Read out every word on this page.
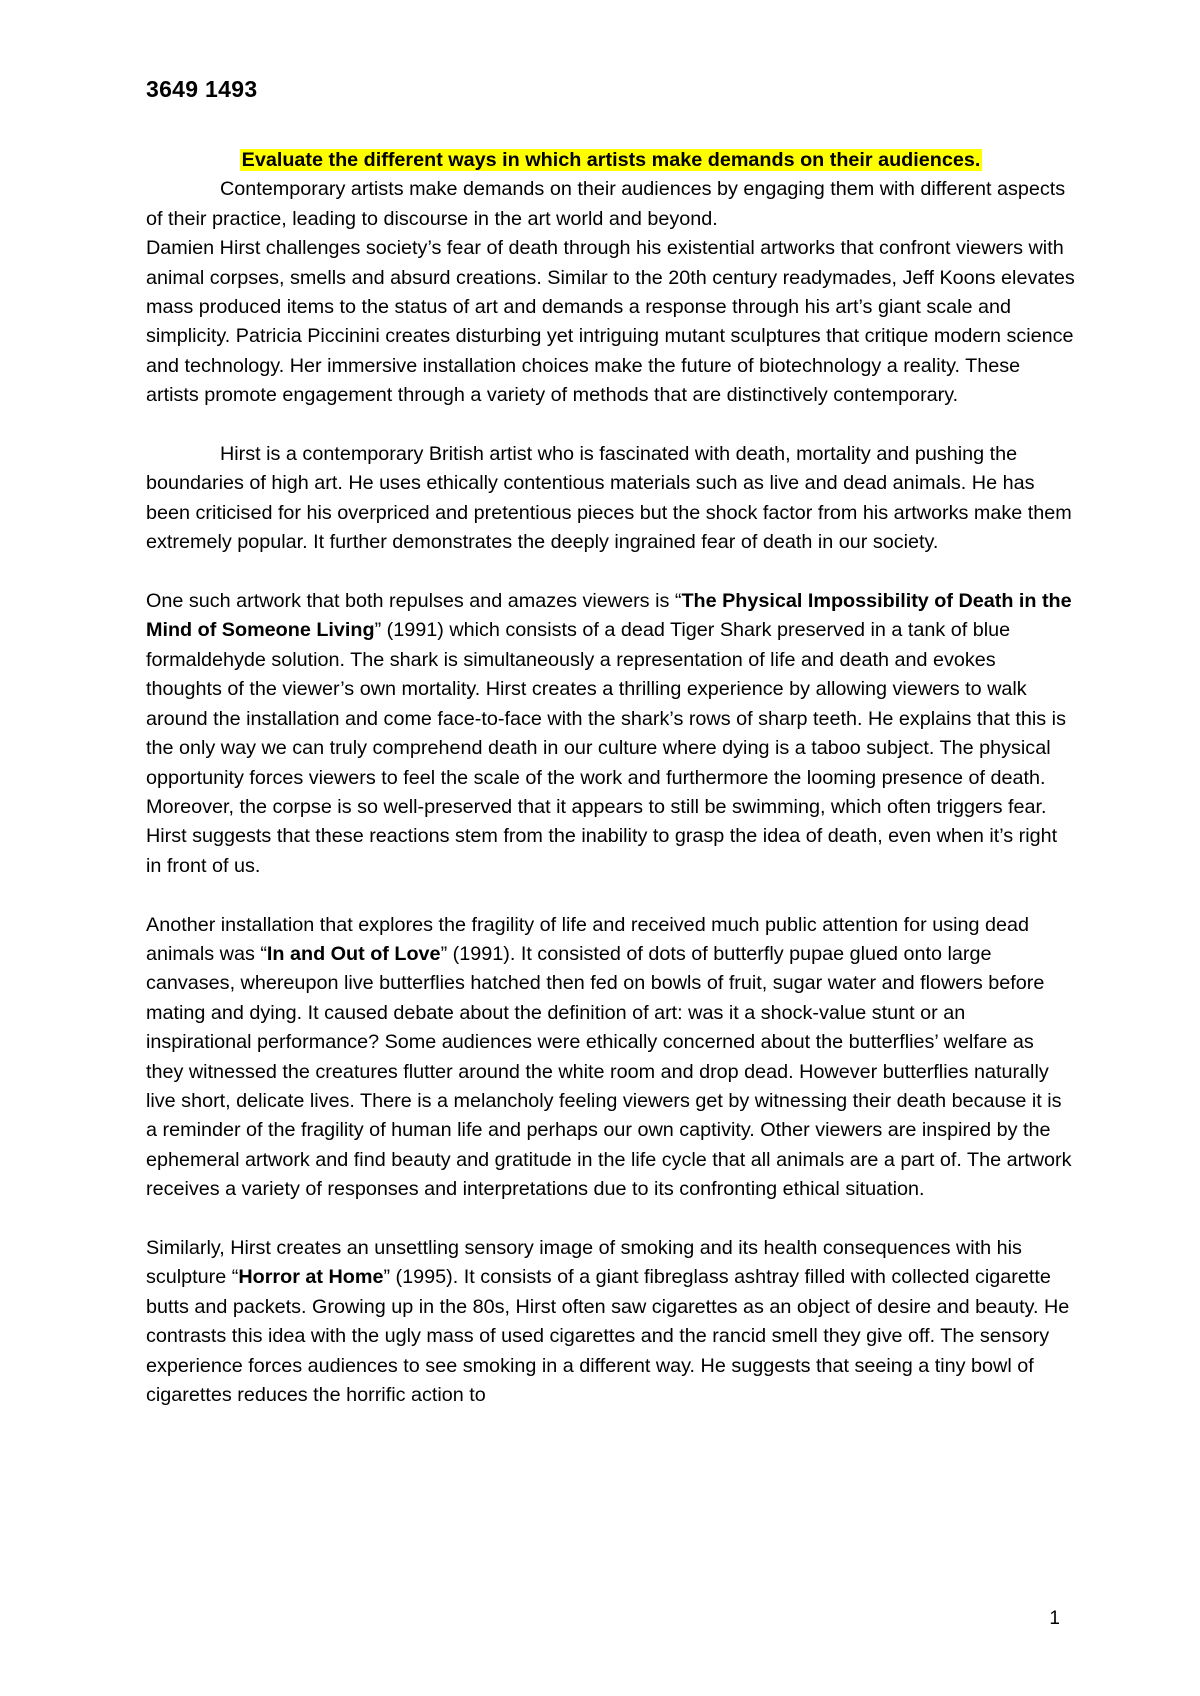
3649 1493

Evaluate the different ways in which artists make demands on their audiences.

Contemporary artists make demands on their audiences by engaging them with different aspects of their practice, leading to discourse in the art world and beyond.

Damien Hirst challenges society’s fear of death through his existential artworks that confront viewers with animal corpses, smells and absurd creations. Similar to the 20th century readymades, Jeff Koons elevates mass produced items to the status of art and demands a response through his art’s giant scale and simplicity. Patricia Piccinini creates disturbing yet intriguing mutant sculptures that critique modern science and technology. Her immersive installation choices make the future of biotechnology a reality. These artists promote engagement through a variety of methods that are distinctively contemporary.

Hirst is a contemporary British artist who is fascinated with death, mortality and pushing the boundaries of high art. He uses ethically contentious materials such as live and dead animals. He has been criticised for his overpriced and pretentious pieces but the shock factor from his artworks make them extremely popular. It further demonstrates the deeply ingrained fear of death in our society.

One such artwork that both repulses and amazes viewers is “The Physical Impossibility of Death in the Mind of Someone Living” (1991) which consists of a dead Tiger Shark preserved in a tank of blue formaldehyde solution. The shark is simultaneously a representation of life and death and evokes thoughts of the viewer’s own mortality. Hirst creates a thrilling experience by allowing viewers to walk around the installation and come face-to-face with the shark’s rows of sharp teeth. He explains that this is the only way we can truly comprehend death in our culture where dying is a taboo subject. The physical opportunity forces viewers to feel the scale of the work and furthermore the looming presence of death. Moreover, the corpse is so well-preserved that it appears to still be swimming, which often triggers fear. Hirst suggests that these reactions stem from the inability to grasp the idea of death, even when it’s right in front of us.

Another installation that explores the fragility of life and received much public attention for using dead animals was “In and Out of Love” (1991). It consisted of dots of butterfly pupae glued onto large canvases, whereupon live butterflies hatched then fed on bowls of fruit, sugar water and flowers before mating and dying. It caused debate about the definition of art: was it a shock-value stunt or an inspirational performance? Some audiences were ethically concerned about the butterflies’ welfare as they witnessed the creatures flutter around the white room and drop dead. However butterflies naturally live short, delicate lives. There is a melancholy feeling viewers get by witnessing their death because it is a reminder of the fragility of human life and perhaps our own captivity. Other viewers are inspired by the ephemeral artwork and find beauty and gratitude in the life cycle that all animals are a part of. The artwork receives a variety of responses and interpretations due to its confronting ethical situation.

Similarly, Hirst creates an unsettling sensory image of smoking and its health consequences with his sculpture “Horror at Home” (1995). It consists of a giant fibreglass ashtray filled with collected cigarette butts and packets. Growing up in the 80s, Hirst often saw cigarettes as an object of desire and beauty. He contrasts this idea with the ugly mass of used cigarettes and the rancid smell they give off. The sensory experience forces audiences to see smoking in a different way. He suggests that seeing a tiny bowl of cigarettes reduces the horrific action to

1
